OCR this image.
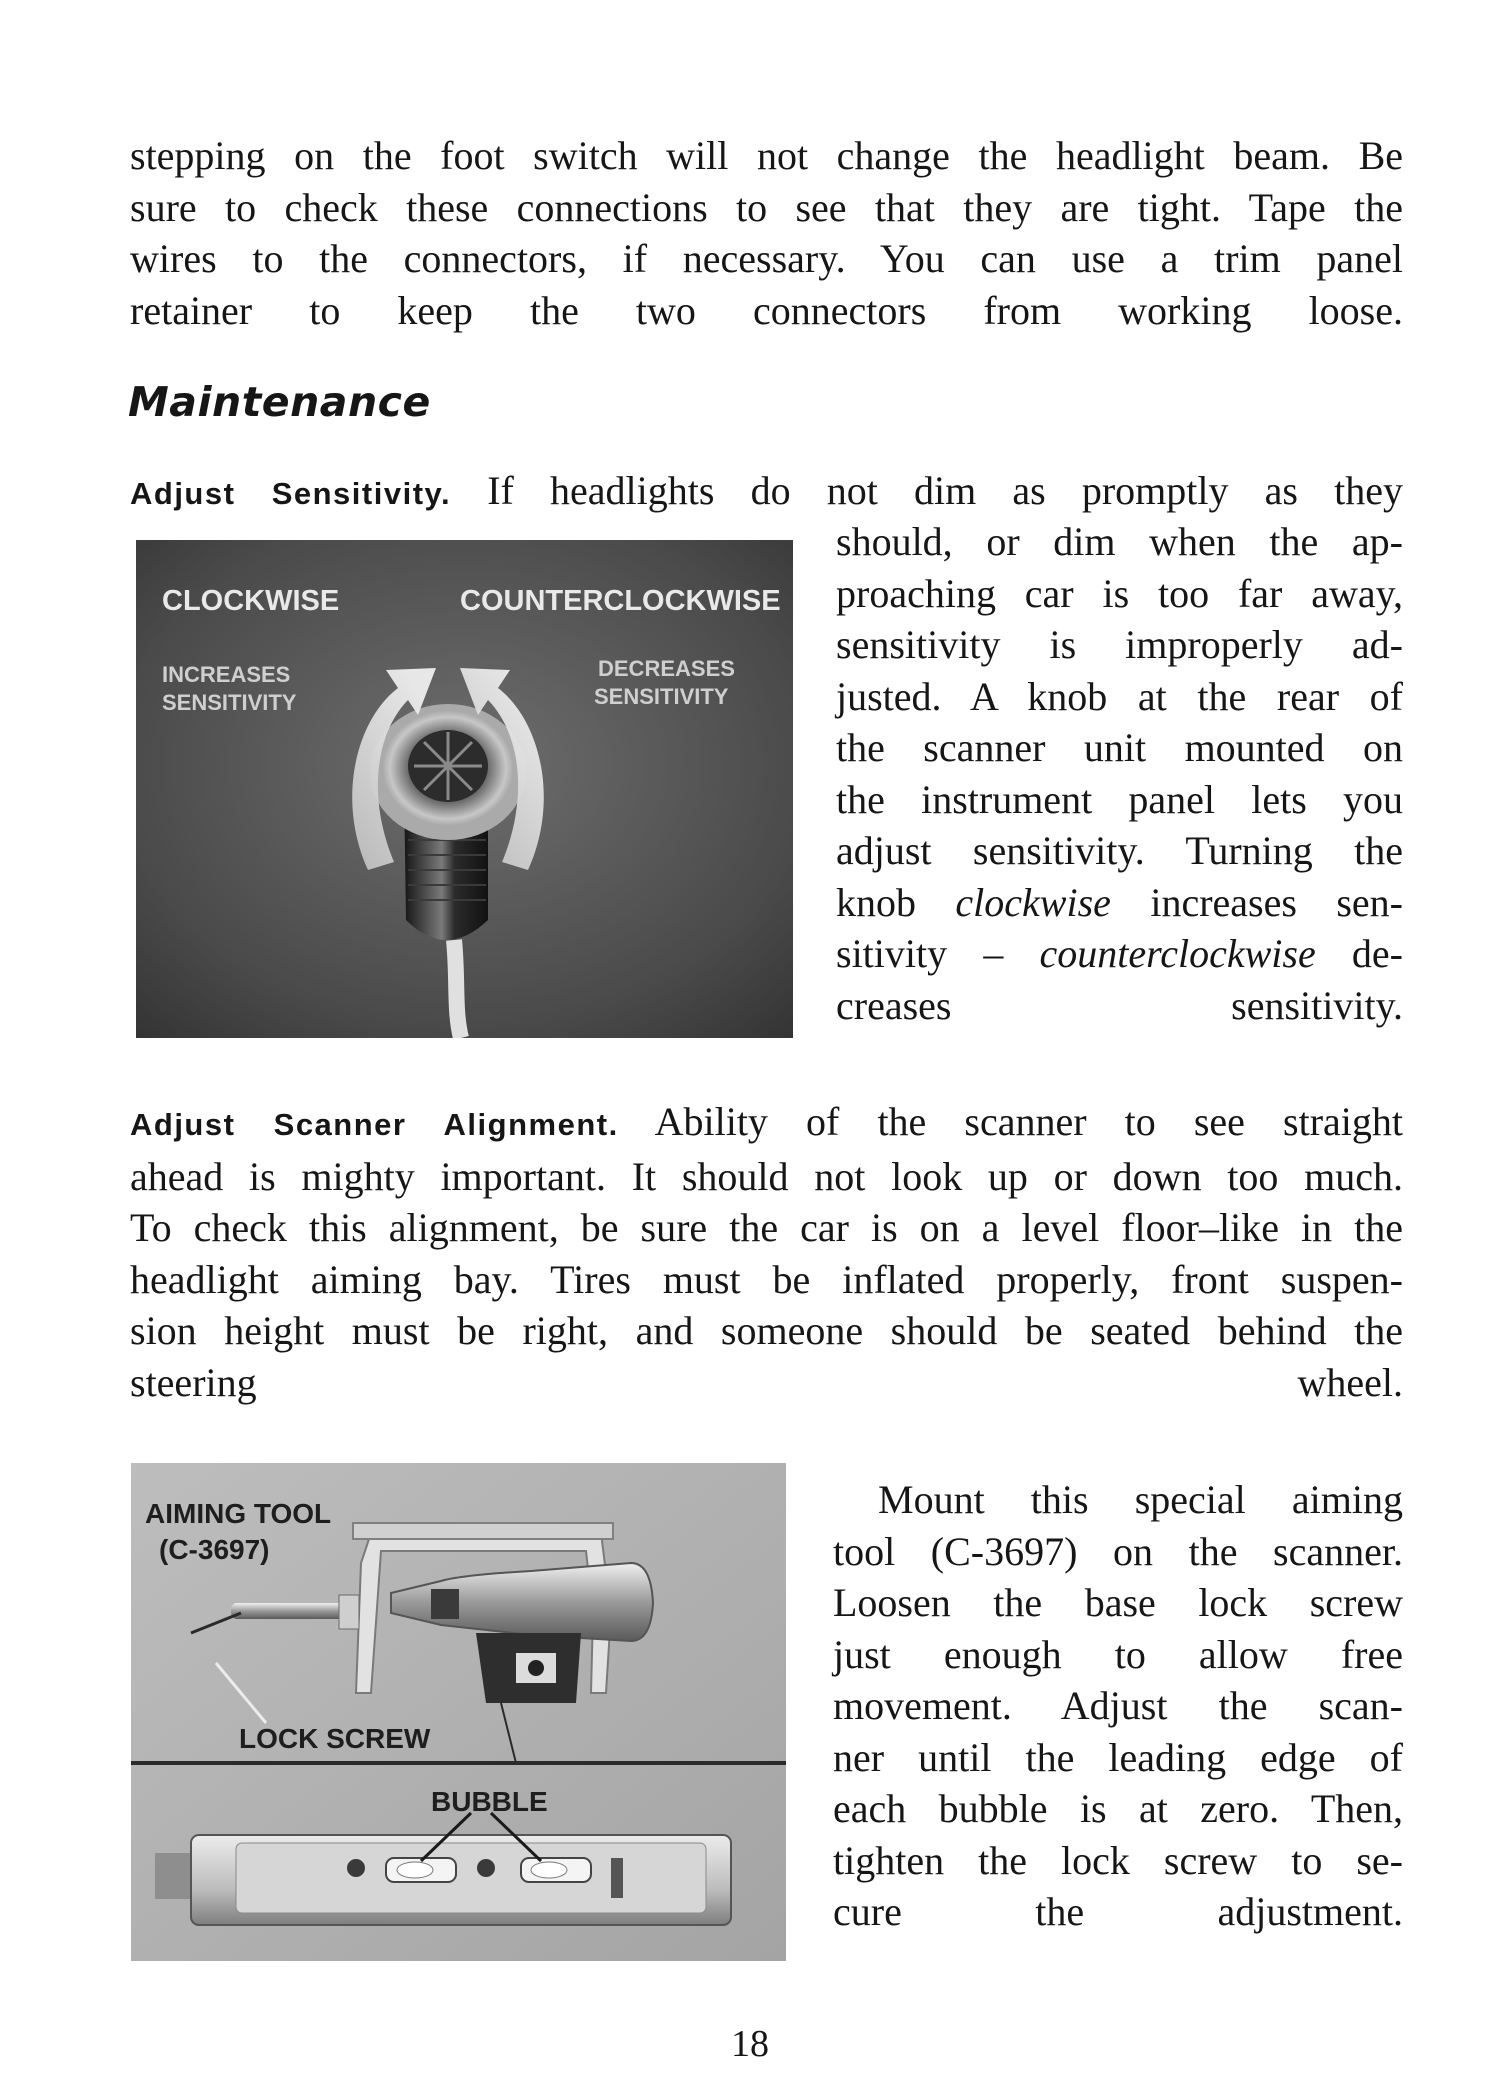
stepping on the foot switch will not change the headlight beam. Be
sure to check these connections to see that they are tight. Tape the
wires to the connectors, if necessary. You can use a trim panel
retainer to keep the two connectors from working loose.
Maintenance
Adjust Sensitivity. If headlights do not dim as promptly as they
CLOCKWISE	COUNTERCLOCKWISE
INCREASES
SENSITIVITY
DECREASES
SENSITIVITY
should, or dim when the ap-
proaching car is too far away,
sensitivity is improperly ad-
justed. A knob at the rear of
the scanner unit mounted on
the instrument panel lets you
adjust sensitivity. Turning the
knob clockwise increases sen-
sitivity – counterclockwise de-
creases sensitivity.
Adjust Scanner Alignment. Ability of the scanner to see straight
ahead is mighty important. It should not look up or down too much.
To check this alignment, be sure the car is on a level floor–like in the
headlight aiming bay. Tires must be inflated properly, front suspen-
sion height must be right, and someone should be seated behind the
steering wheel.
AIMING TOOL
(C-3697)
LOCK SCREW
BUBBLE
Mount this special aiming
tool (C-3697) on the scanner.
Loosen the base lock screw
just enough to allow free
movement. Adjust the scan-
ner until the leading edge of
each bubble is at zero. Then,
tighten the lock screw to se-
cure the adjustment.
18
